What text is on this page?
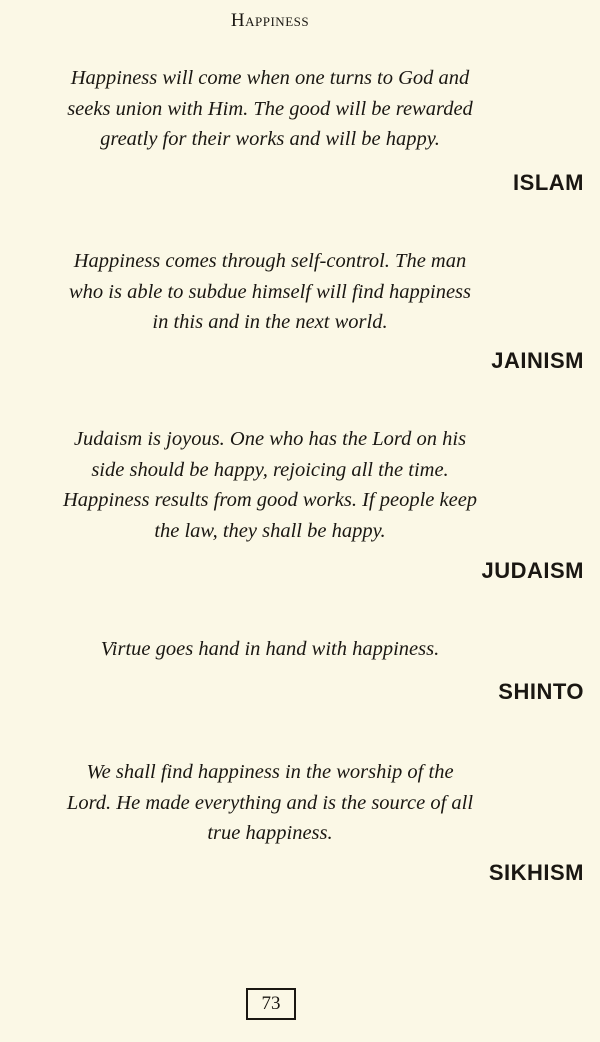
Happiness
Happiness will come when one turns to God and
seeks union with Him. The good will be rewarded
greatly for their works and will be happy.
ISLAM
Happiness comes through self-control. The man
who is able to subdue himself will find happiness
in this and in the next world.
JAINISM
Judaism is joyous. One who has the Lord on his
side should be happy, rejoicing all the time.
Happiness results from good works. If people keep
the law, they shall be happy.
JUDAISM
Virtue goes hand in hand with happiness.
SHINTO
We shall find happiness in the worship of the
Lord. He made everything and is the source of all
true happiness.
SIKHISM
73
